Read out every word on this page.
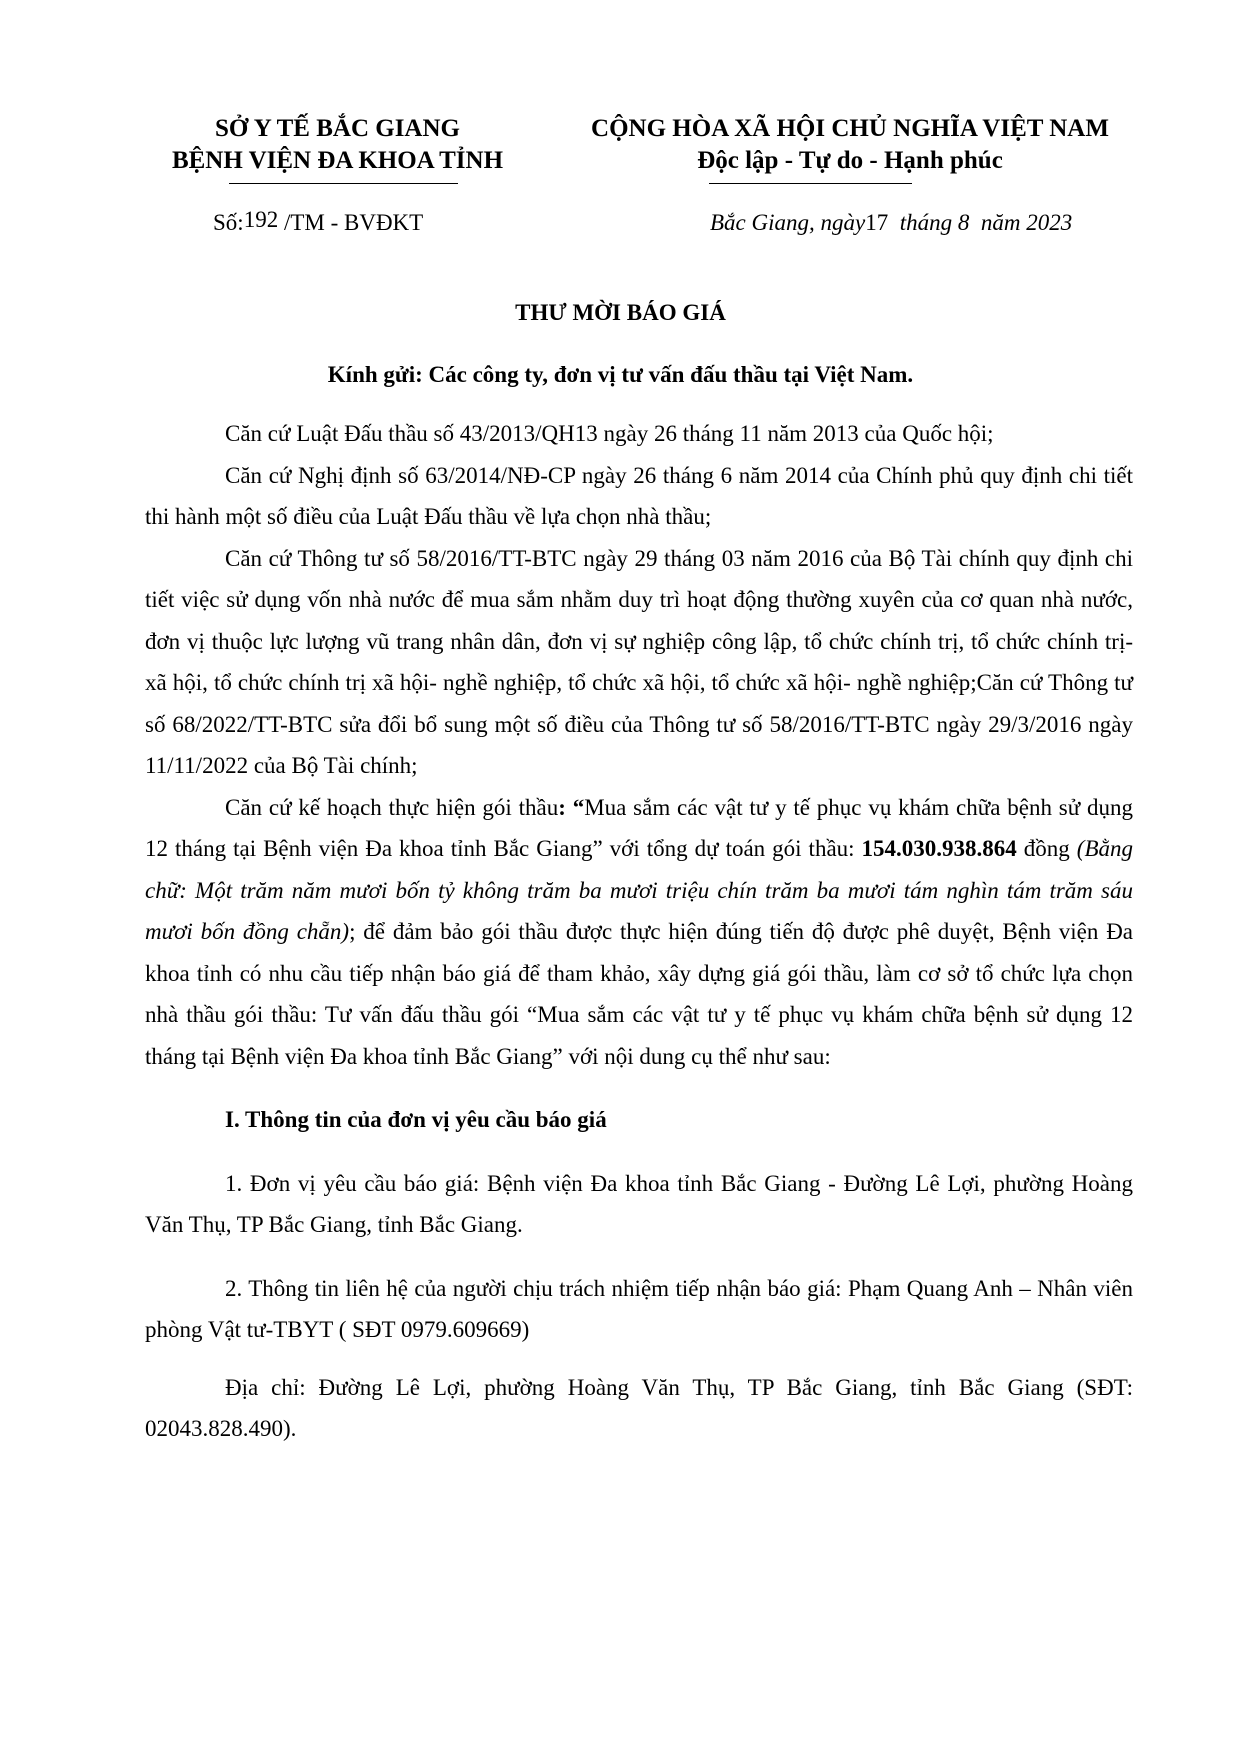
SỞ Y TẾ BẮC GIANG
BỆNH VIỆN ĐA KHOA TỈNH
CỘNG HÒA XÃ HỘI CHỦ NGHĨA VIỆT NAM
Độc lập - Tự do - Hạnh phúc
Số:192 /TM - BVĐKT	Bắc Giang, ngày17  tháng 8  năm 2023
THƯ MỜI BÁO GIÁ
Kính gửi: Các công ty, đơn vị tư vấn đấu thầu tại Việt Nam.

Căn cứ Luật Đấu thầu số 43/2013/QH13 ngày 26 tháng 11 năm 2013 của Quốc hội;

Căn cứ Nghị định số 63/2014/NĐ-CP ngày 26 tháng 6 năm 2014 của Chính phủ quy định chi tiết thi hành một số điều của Luật Đấu thầu về lựa chọn nhà thầu;

Căn cứ Thông tư số 58/2016/TT-BTC ngày 29 tháng 03 năm 2016 của Bộ Tài chính quy định chi tiết việc sử dụng vốn nhà nước để mua sắm nhằm duy trì hoạt động thường xuyên của cơ quan nhà nước, đơn vị thuộc lực lượng vũ trang nhân dân, đơn vị sự nghiệp công lập, tổ chức chính trị, tổ chức chính trị- xã hội, tổ chức chính trị xã hội- nghề nghiệp, tổ chức xã hội, tổ chức xã hội- nghề nghiệp;Căn cứ Thông tư số 68/2022/TT-BTC sửa đổi bổ sung một số điều của Thông tư số 58/2016/TT-BTC ngày 29/3/2016 ngày 11/11/2022 của Bộ Tài chính;

Căn cứ kế hoạch thực hiện gói thầu: “Mua sắm các vật tư y tế phục vụ khám chữa bệnh sử dụng 12 tháng tại Bệnh viện Đa khoa tỉnh Bắc Giang” với tổng dự toán gói thầu: 154.030.938.864 đồng (Bằng chữ: Một trăm năm mươi bốn tỷ không trăm ba mươi triệu chín trăm ba mươi tám nghìn tám trăm sáu mươi bốn đồng chẵn); để đảm bảo gói thầu được thực hiện đúng tiến độ được phê duyệt, Bệnh viện Đa khoa tỉnh có nhu cầu tiếp nhận báo giá để tham khảo, xây dựng giá gói thầu, làm cơ sở tổ chức lựa chọn nhà thầu gói thầu: Tư vấn đấu thầu gói “Mua sắm các vật tư y tế phục vụ khám chữa bệnh sử dụng 12 tháng tại Bệnh viện Đa khoa tỉnh Bắc Giang” với nội dung cụ thể như sau:

I. Thông tin của đơn vị yêu cầu báo giá

1. Đơn vị yêu cầu báo giá: Bệnh viện Đa khoa tỉnh Bắc Giang - Đường Lê Lợi, phường Hoàng Văn Thụ, TP Bắc Giang, tỉnh Bắc Giang.

2. Thông tin liên hệ của người chịu trách nhiệm tiếp nhận báo giá: Phạm Quang Anh – Nhân viên phòng Vật tư-TBYT ( SĐT 0979.609669)

Địa chỉ: Đường Lê Lợi, phường Hoàng Văn Thụ, TP Bắc Giang, tỉnh Bắc Giang (SĐT: 02043.828.490).
